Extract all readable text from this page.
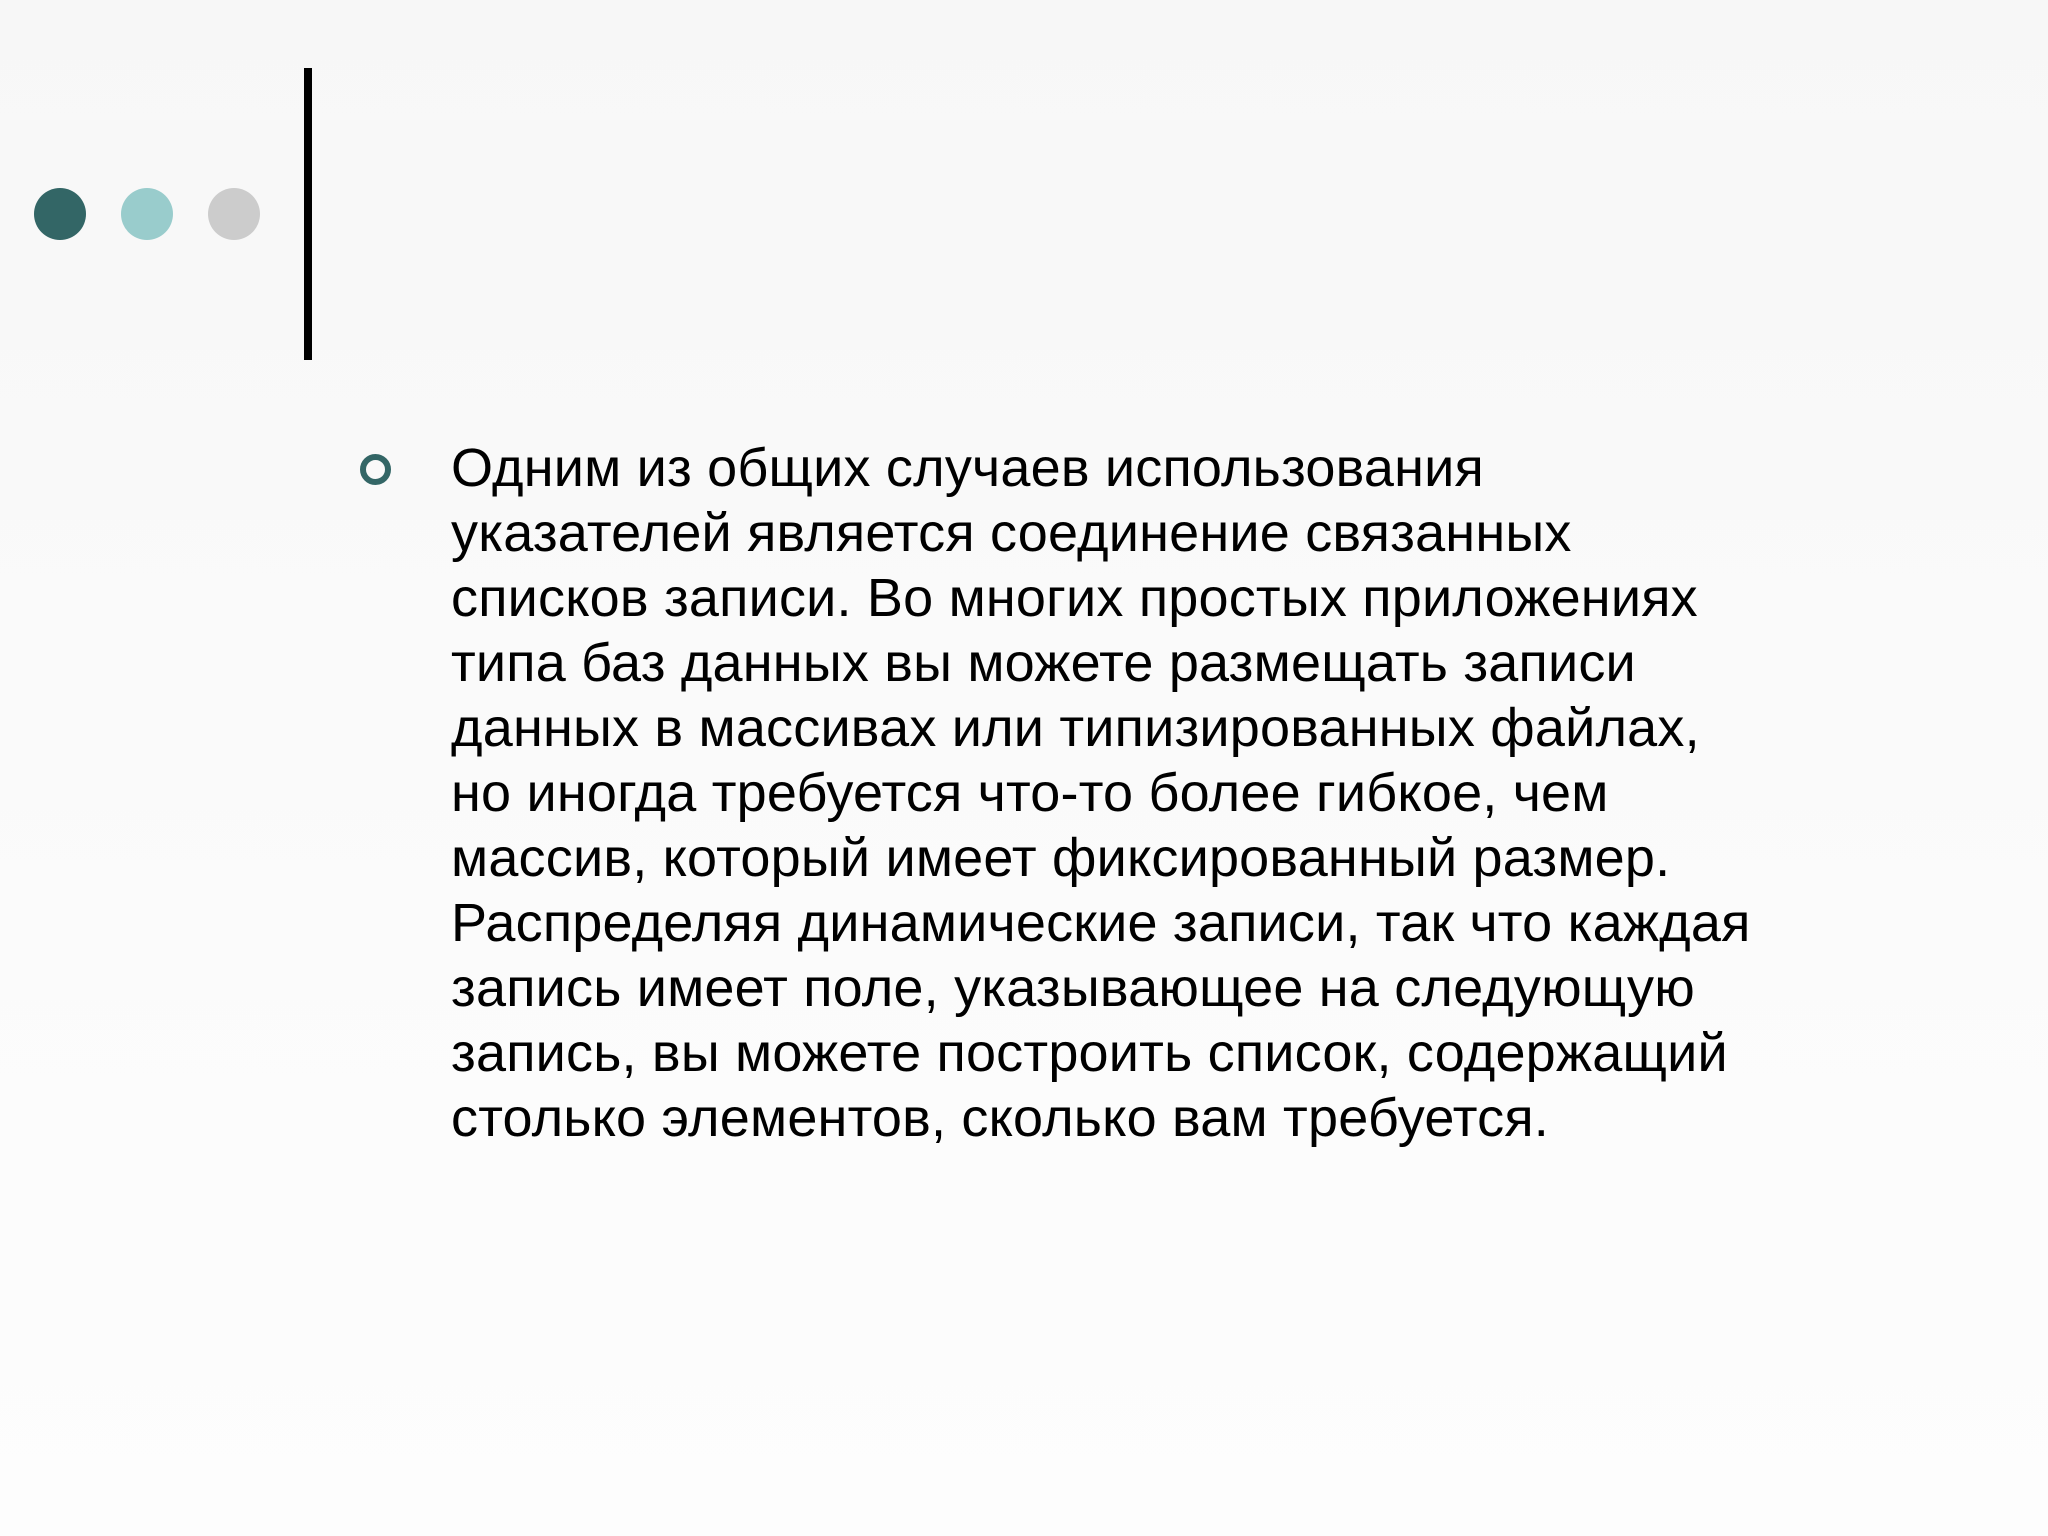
Одним из общих случаев использования
указателей является соединение связанных
списков записи. Во многих простых приложениях
типа баз данных вы можете размещать записи
данных в массивах или типизированных файлах,
но иногда требуется что-то более гибкое, чем
массив, который имеет фиксированный размер.
Распределяя динамические записи, так что каждая
запись имеет поле, указывающее на следующую
запись, вы можете построить список, содержащий
столько элементов, сколько вам требуется.
